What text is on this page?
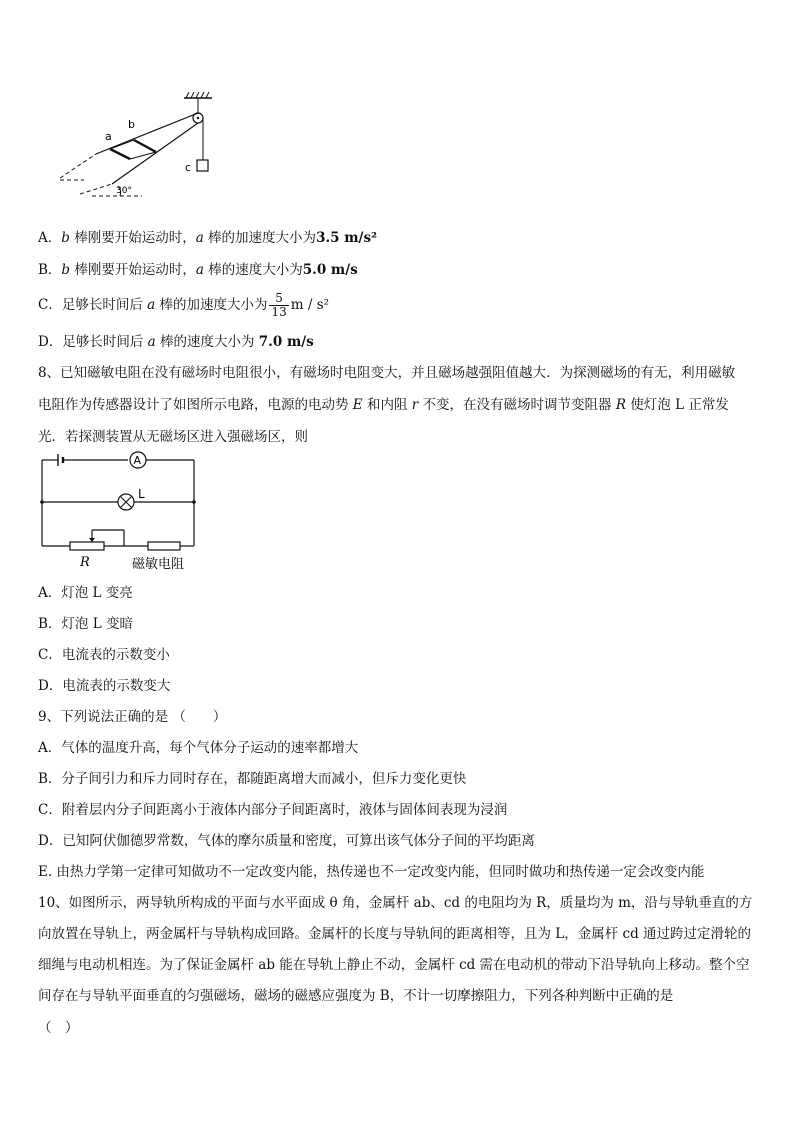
a
b
c
30°
A．b 棒刚要开始运动时，a 棒的加速度大小为3.5 m/s²
B．b 棒刚要开始运动时，a 棒的速度大小为5.0 m/s
C．足够长时间后 a 棒的加速度大小为 $\frac{5}{13}$ m / s²
D．足够长时间后 a 棒的速度大小为 7.0 m/s
8、已知磁敏电阻在没有磁场时电阻很小，有磁场时电阻变大，并且磁场越强阻值越大．为探测磁场的有无，利用磁敏
电阻作为传感器设计了如图所示电路，电源的电动势 E 和内阻 r 不变，在没有磁场时调节变阻器 R 使灯泡 L 正常发
光．若探测装置从无磁场区进入强磁场区，则
A
L
R	磁敏电阻
A．灯泡 L 变亮
B．灯泡 L 变暗
C．电流表的示数变小
D．电流表的示数变大
9、下列说法正确的是 （　　）
A．气体的温度升高，每个气体分子运动的速率都增大
B．分子间引力和斥力同时存在，都随距离增大而减小，但斥力变化更快
C．附着层内分子间距离小于液体内部分子间距离时，液体与固体间表现为浸润
D．已知阿伏伽德罗常数，气体的摩尔质量和密度，可算出该气体分子间的平均距离
E. 由热力学第一定律可知做功不一定改变内能，热传递也不一定改变内能，但同时做功和热传递一定会改变内能
10、如图所示，两导轨所构成的平面与水平面成 θ 角，金属杆 ab、cd 的电阻均为 R，质量均为 m，沿与导轨垂直的方向放置在导轨上，两金属杆与导轨构成回路。金属杆的长度与导轨间的距离相等，且为 L，金属杆 cd 通过跨过定滑轮的细绳与电动机相连。为了保证金属杆 ab 能在导轨上静止不动，金属杆 cd 需在电动机的带动下沿导轨向上移动。整个空间存在与导轨平面垂直的匀强磁场，磁场的磁感应强度为 B，不计一切摩擦阻力，下列各种判断中正确的是
（　）
